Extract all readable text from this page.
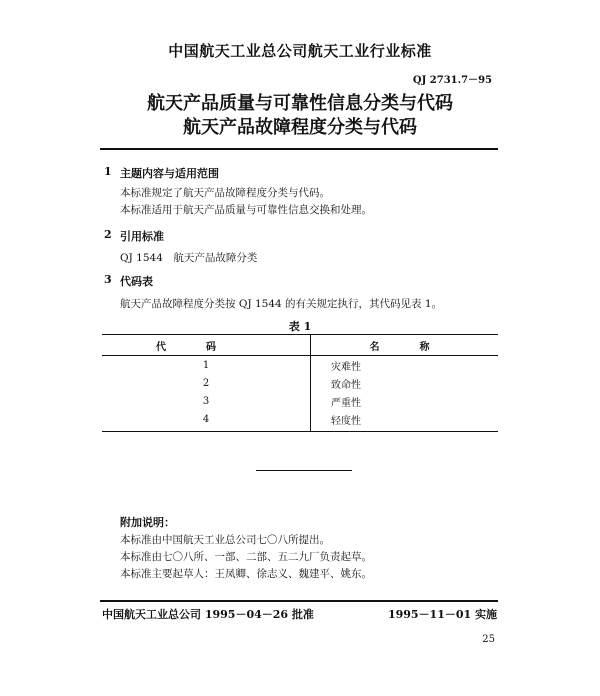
中国航天工业总公司航天工业行业标准
QJ 2731.7－95
航天产品质量与可靠性信息分类与代码
航天产品故障程度分类与代码
1 主题内容与适用范围
本标准规定了航天产品故障程度分类与代码。
本标准适用于航天产品质量与可靠性信息交换和处理。
2 引用标准
QJ 1544　航天产品故障分类
3 代码表
航天产品故障程度分类按 QJ 1544 的有关规定执行，其代码见表 1。
表 1
代码	名称
1	灾难性
2	致命性
3	严重性
4	轻度性
附加说明：
本标准由中国航天工业总公司七〇八所提出。
本标准由七〇八所、一部、二部、五二九厂负责起草。
本标准主要起草人：王凤卿、徐志义、魏建平、姚东。
中国航天工业总公司 1995－04－26 批准	1995－11－01 实施
25
